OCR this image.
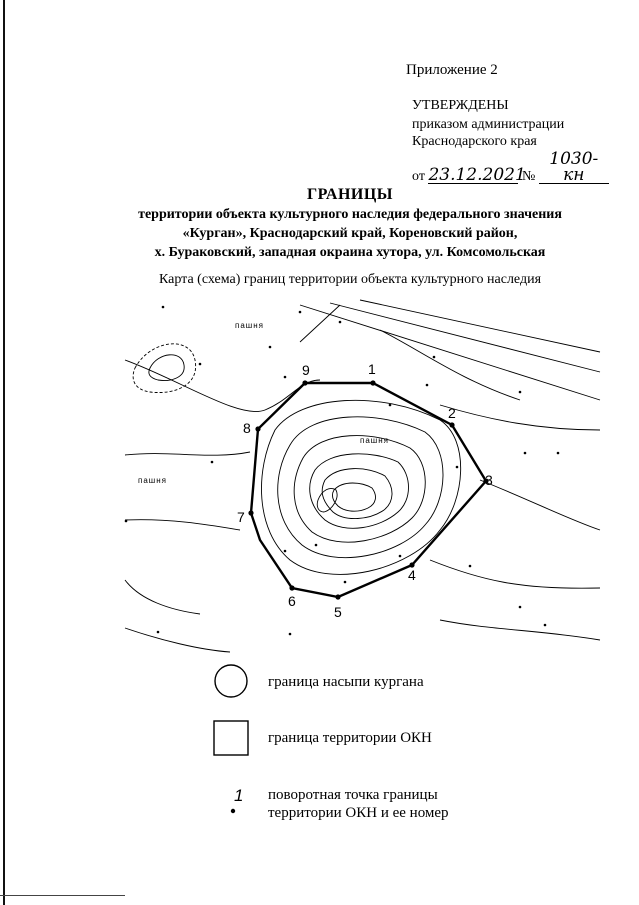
Приложение 2
УТВЕРЖДЕНЫ
приказом администрации
Краснодарского края
от 23.12.2021 № 1030-кн
ГРАНИЦЫ
территории объекта культурного наследия федерального значения
«Курган», Краснодарский край, Кореновский район,
х. Бураковский, западная окраина хутора, ул. Комсомольская
Карта (схема) границ территории объекта культурного наследия
1
2
3
4
5
6
7
8
9
пашня
пашня
пашня
1
граница насыпи кургана
граница территории ОКН
поворотная точка границы
территории ОКН и ее номер
